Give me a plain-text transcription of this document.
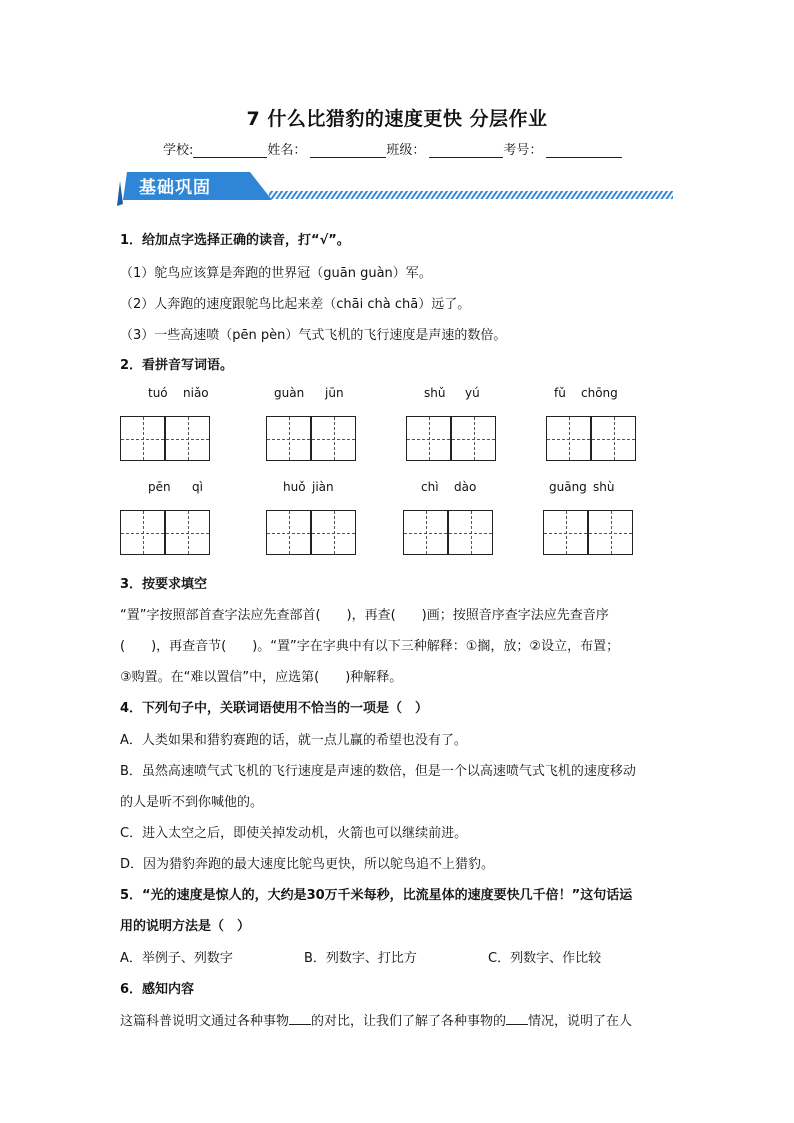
7 什么比猎豹的速度更快 分层作业
学校:	姓名：	班级：	考号：
基础巩固
1．给加点字选择正确的读音，打“√”。
（1）鸵鸟应该算是奔跑的世界冠（guān guàn）军。
（2）人奔跑的速度跟鸵鸟比起来差（chāi chà chā）远了。
（3）一些高速喷（pēn pèn）气式飞机的飞行速度是声速的数倍。
2．看拼音写词语。
tuó niǎo	guàn jūn	shǔ yú	fǔ chōng
pēn qì	huǒ jiàn	chì dào	guāng shù
3．按要求填空
“置”字按照部首查字法应先查部首(　　)，再查(　　)画；按照音序查字法应先查音序
(　　)，再查音节(　　)。“置”字在字典中有以下三种解释：①搁，放；②设立，布置；
③购置。在“难以置信”中，应选第(　　)种解释。
4．下列句子中，关联词语使用不恰当的一项是（　）
A．人类如果和猎豹赛跑的话，就一点儿赢的希望也没有了。
B．虽然高速喷气式飞机的飞行速度是声速的数倍，但是一个以高速喷气式飞机的速度移动
的人是听不到你喊他的。
C．进入太空之后，即使关掉发动机，火箭也可以继续前进。
D．因为猎豹奔跑的最大速度比鸵鸟更快，所以鸵鸟追不上猎豹。
5．“光的速度是惊人的，大约是30万千米每秒，比流星体的速度要快几千倍！”这句话运
用的说明方法是（　）
A．举例子、列数字	B．列数字、打比方	C．列数字、作比较
6．感知内容
这篇科普说明文通过各种事物 的对比，让我们了解了各种事物的 情况，说明了在人
